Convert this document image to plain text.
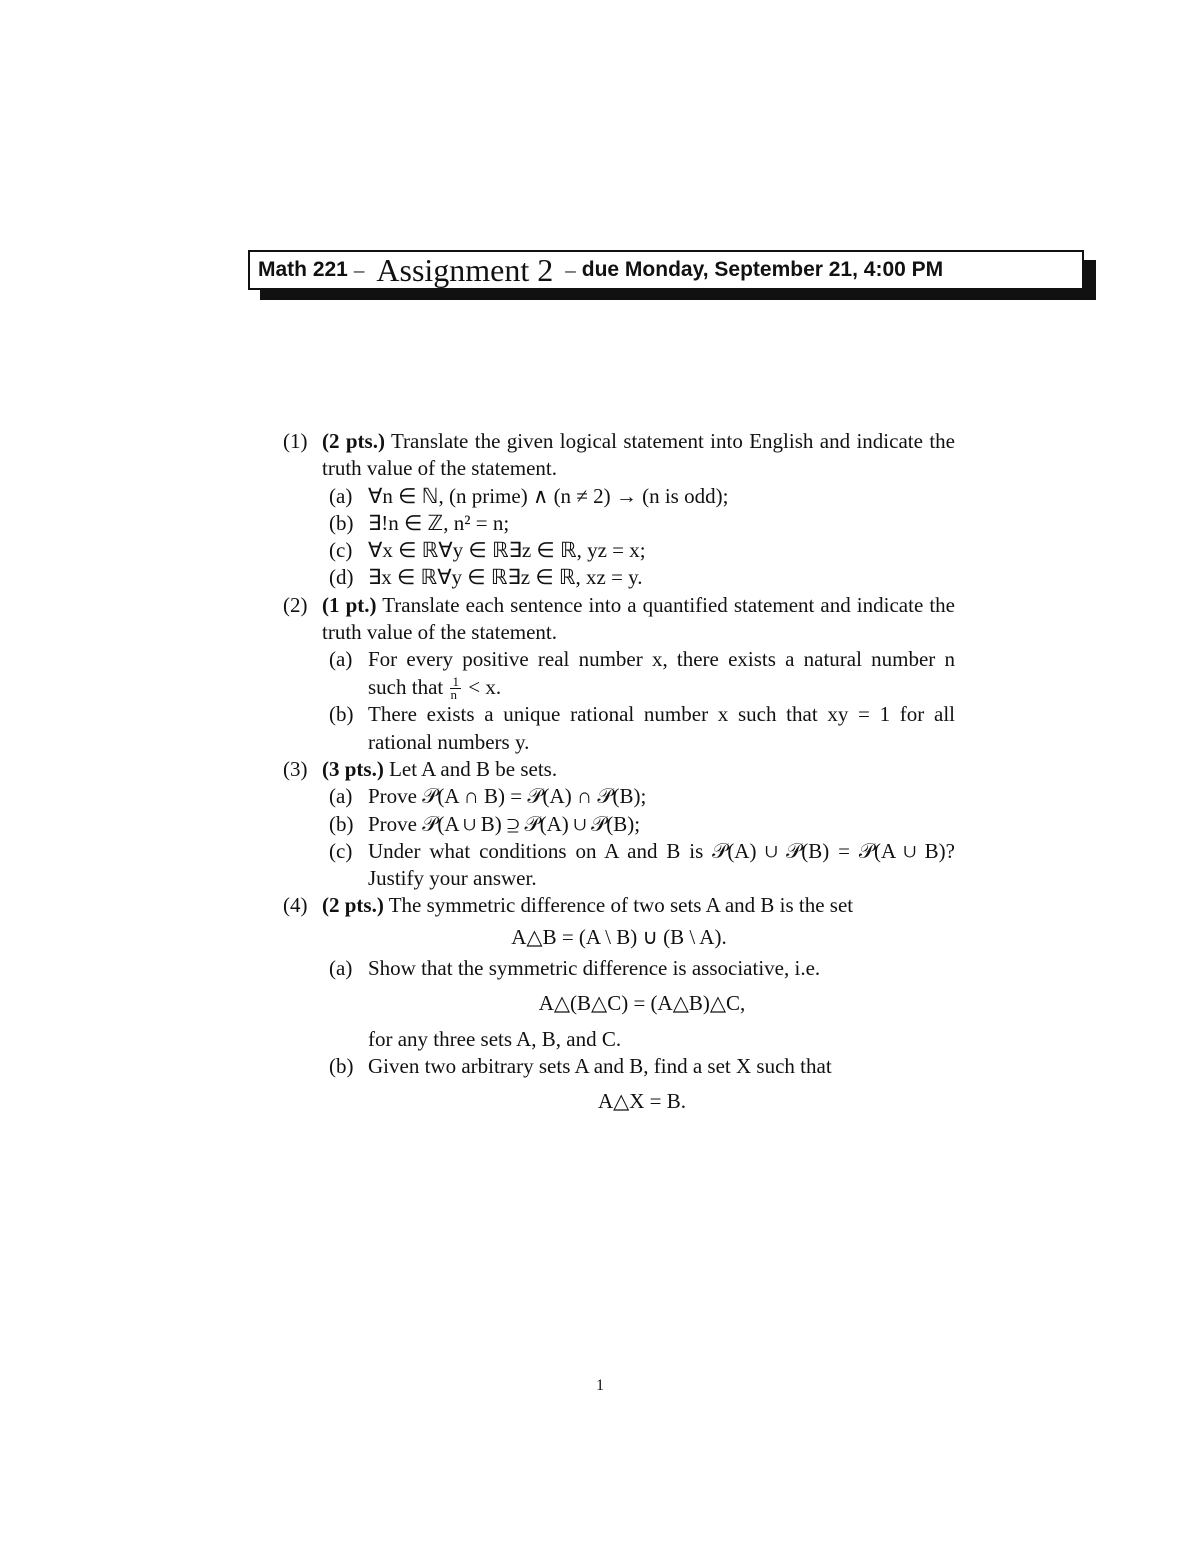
Math 221 – Assignment 2 – due Monday, September 21, 4:00 PM
(1) (2 pts.) Translate the given logical statement into English and indicate the truth value of the statement.
(a) ∀n ∈ ℕ, (n prime) ∧ (n ≠ 2) → (n is odd);
(b) ∃!n ∈ ℤ, n² = n;
(c) ∀x ∈ ℝ∀y ∈ ℝ∃z ∈ ℝ, yz = x;
(d) ∃x ∈ ℝ∀y ∈ ℝ∃z ∈ ℝ, xz = y.
(2) (1 pt.) Translate each sentence into a quantified statement and indicate the truth value of the statement.
(a) For every positive real number x, there exists a natural number n such that $\frac{1}{n} < x$.
(b) There exists a unique rational number x such that xy = 1 for all rational numbers y.
(3) (3 pts.) Let A and B be sets.
(a) Prove 𝒫(A ∩ B) = 𝒫(A) ∩ 𝒫(B);
(b) Prove 𝒫(A ∪ B) ⊇ 𝒫(A) ∪ 𝒫(B);
(c) Under what conditions on A and B is 𝒫(A) ∪ 𝒫(B) = 𝒫(A ∪ B)? Justify your answer.
(4) (2 pts.) The symmetric difference of two sets A and B is the set
A△B = (A \ B) ∪ (B \ A).
(a) Show that the symmetric difference is associative, i.e.
A△(B△C) = (A△B)△C,
for any three sets A, B, and C.
(b) Given two arbitrary sets A and B, find a set X such that
A△X = B.
1
